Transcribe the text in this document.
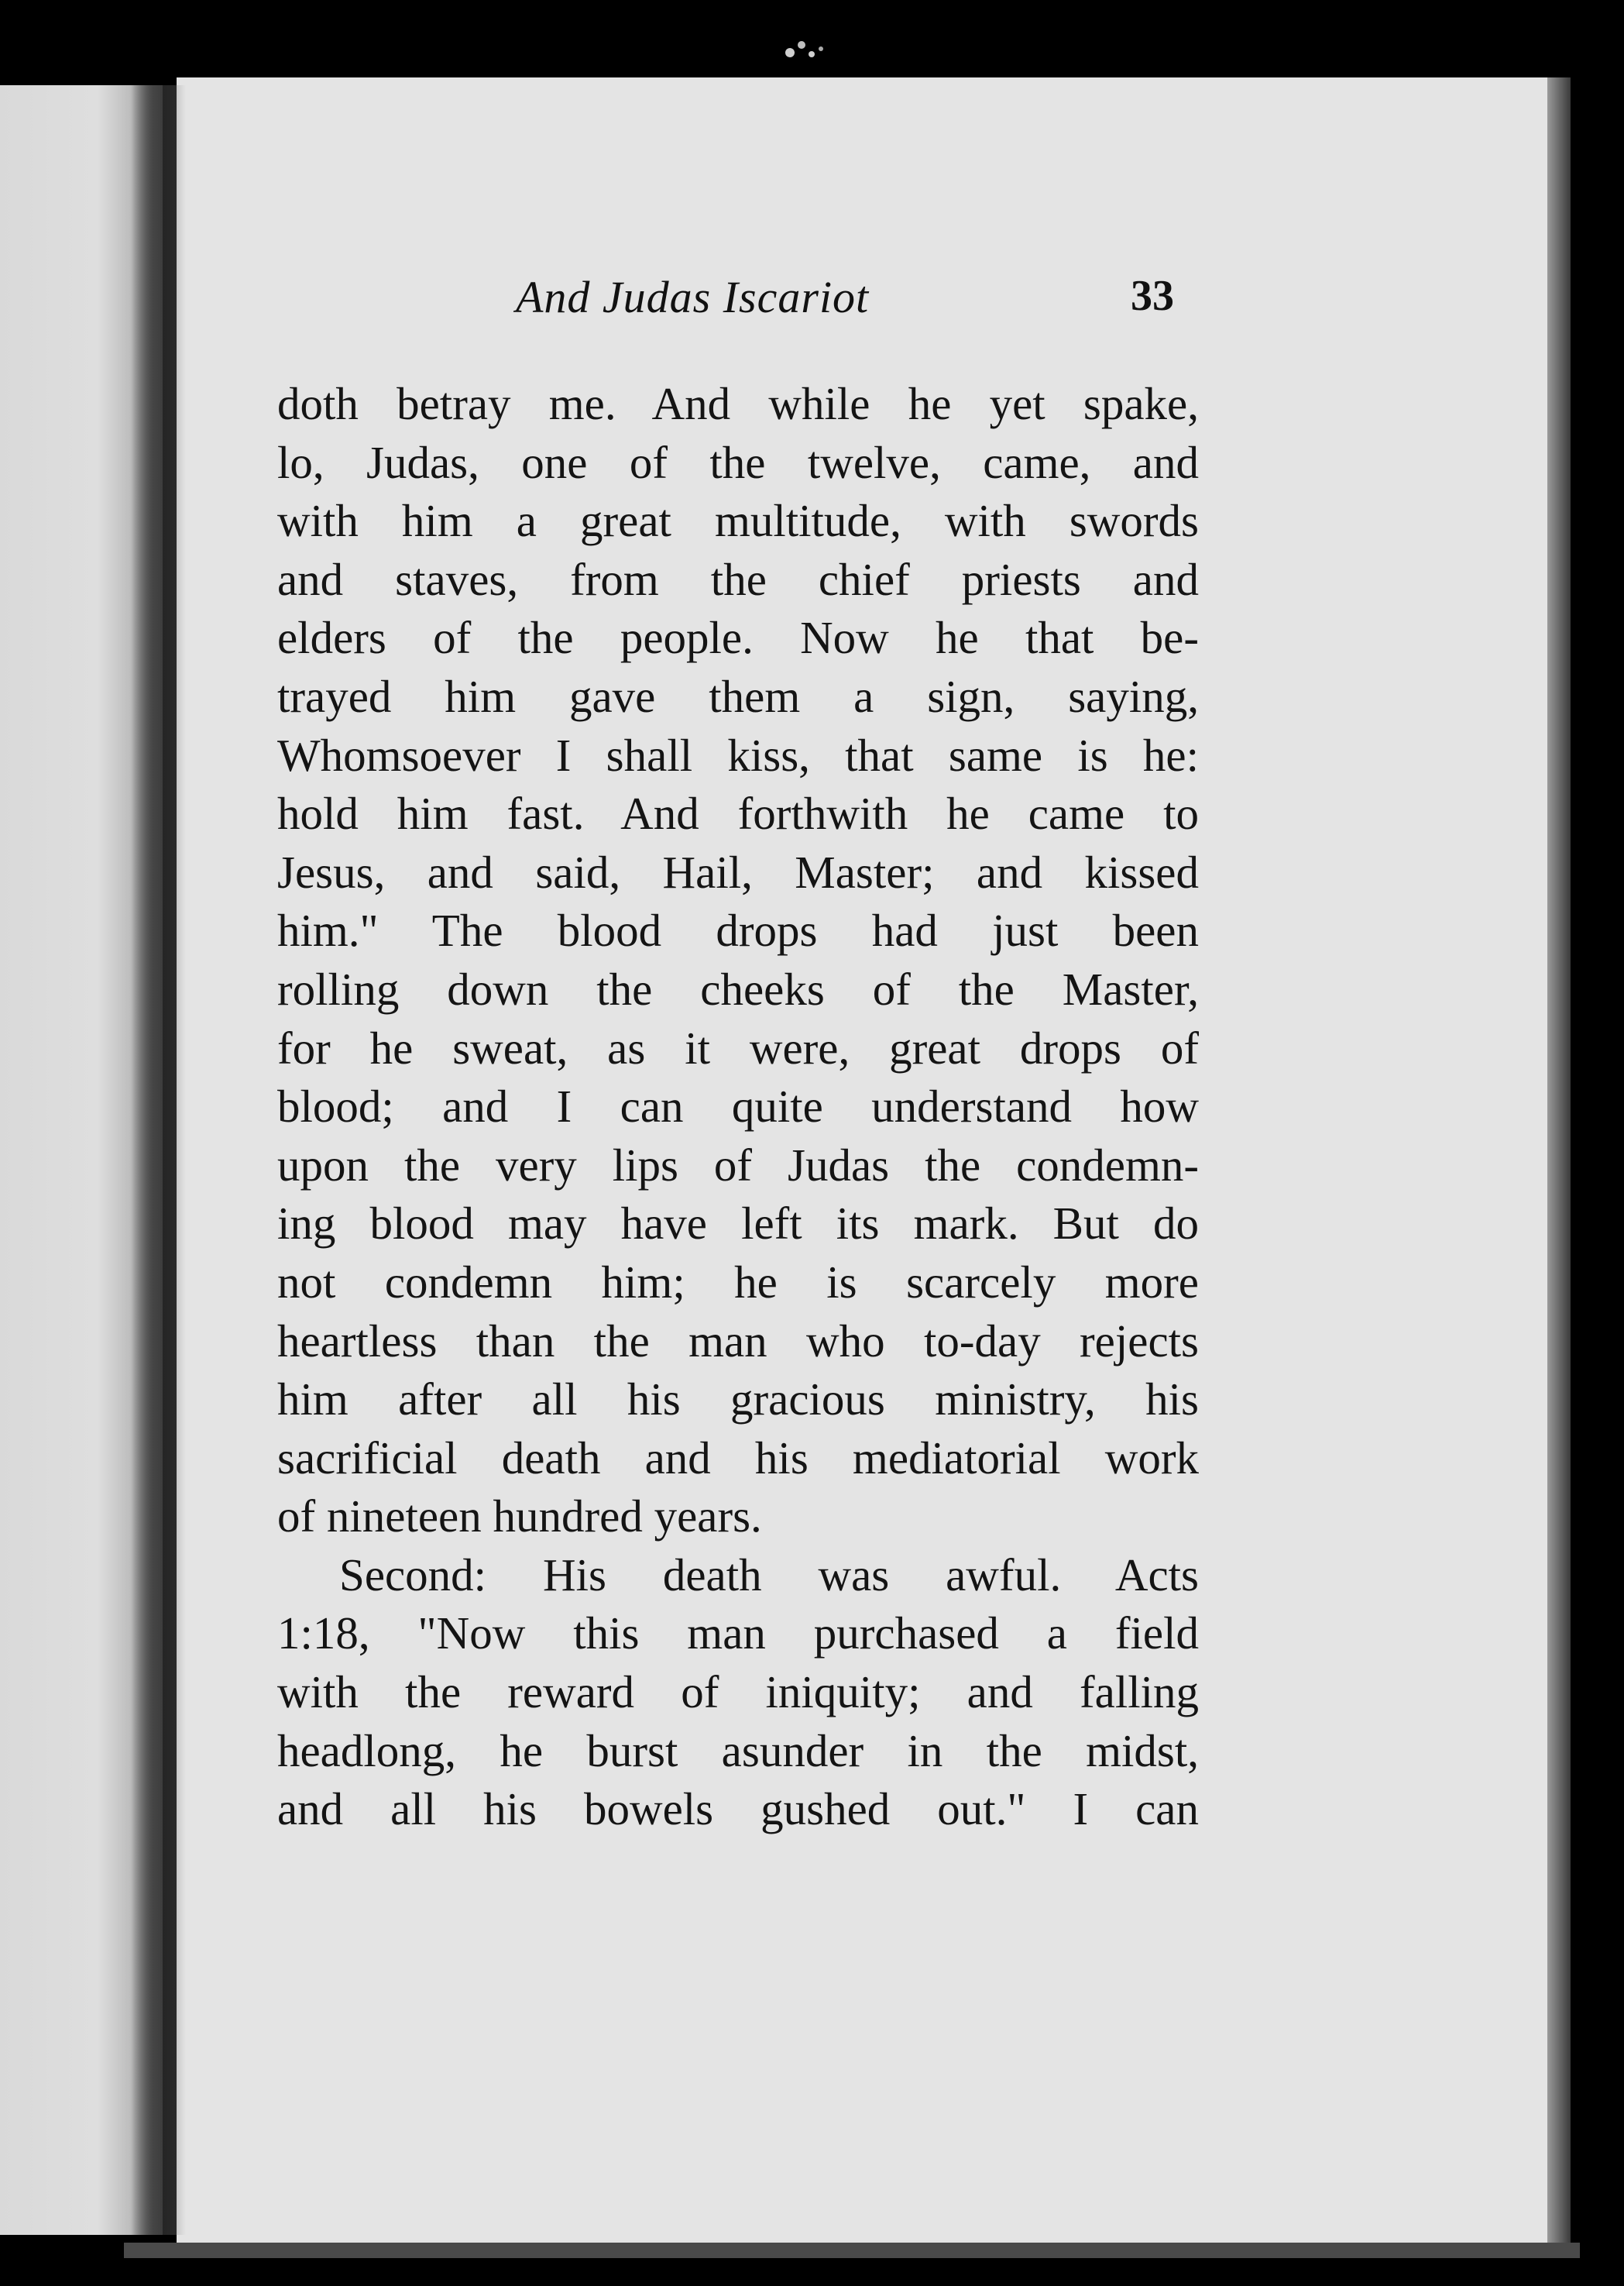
And Judas Iscariot	33
doth betray me. And while he yet spake,
lo, Judas, one of the twelve, came, and
with him a great multitude, with swords
and staves, from the chief priests and
elders of the people. Now he that be-
trayed him gave them a sign, saying,
Whomsoever I shall kiss, that same is he:
hold him fast. And forthwith he came to
Jesus, and said, Hail, Master; and kissed
him." The blood drops had just been
rolling down the cheeks of the Master,
for he sweat, as it were, great drops of
blood; and I can quite understand how
upon the very lips of Judas the condemn-
ing blood may have left its mark. But do
not condemn him; he is scarcely more
heartless than the man who to-day rejects
him after all his gracious ministry, his
sacrificial death and his mediatorial work
of nineteen hundred years.
Second: His death was awful. Acts
1:18, "Now this man purchased a field
with the reward of iniquity; and falling
headlong, he burst asunder in the midst,
and all his bowels gushed out." I can
